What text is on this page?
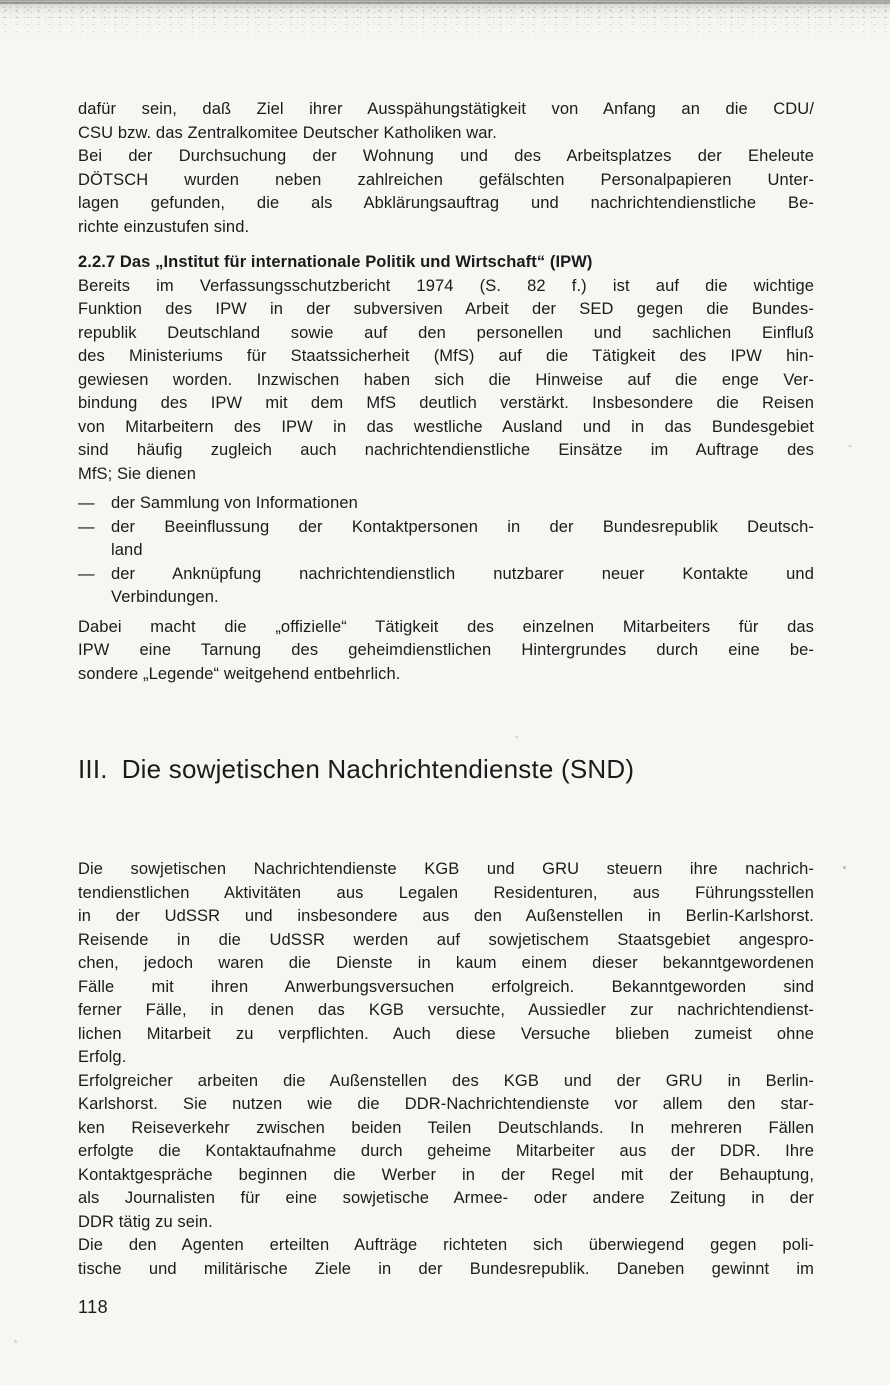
dafür sein, daß Ziel ihrer Ausspähungstätigkeit von Anfang an die CDU/
CSU bzw. das Zentralkomitee Deutscher Katholiken war.
Bei der Durchsuchung der Wohnung und des Arbeitsplatzes der Eheleute
DÖTSCH wurden neben zahlreichen gefälschten Personalpapieren Unter-
lagen gefunden, die als Abklärungsauftrag und nachrichtendienstliche Be-
richte einzustufen sind.
2.2.7 Das „Institut für internationale Politik und Wirtschaft“ (IPW)
Bereits im Verfassungsschutzbericht 1974 (S. 82 f.) ist auf die wichtige
Funktion des IPW in der subversiven Arbeit der SED gegen die Bundes-
republik Deutschland sowie auf den personellen und sachlichen Einfluß
des Ministeriums für Staatssicherheit (MfS) auf die Tätigkeit des IPW hin-
gewiesen worden. Inzwischen haben sich die Hinweise auf die enge Ver-
bindung des IPW mit dem MfS deutlich verstärkt. Insbesondere die Reisen
von Mitarbeitern des IPW in das westliche Ausland und in das Bundesgebiet
sind häufig zugleich auch nachrichtendienstliche Einsätze im Auftrage des
MfS; Sie dienen
— der Sammlung von Informationen
— der Beeinflussung der Kontaktpersonen in der Bundesrepublik Deutsch-
land
— der Anknüpfung nachrichtendienstlich nutzbarer neuer Kontakte und
Verbindungen.
Dabei macht die „offizielle“ Tätigkeit des einzelnen Mitarbeiters für das
IPW eine Tarnung des geheimdienstlichen Hintergrundes durch eine be-
sondere „Legende“ weitgehend entbehrlich.
III. Die sowjetischen Nachrichtendienste (SND)
Die sowjetischen Nachrichtendienste KGB und GRU steuern ihre nachrich-
tendienstlichen Aktivitäten aus Legalen Residenturen, aus Führungsstellen
in der UdSSR und insbesondere aus den Außenstellen in Berlin-Karlshorst.
Reisende in die UdSSR werden auf sowjetischem Staatsgebiet angespro-
chen, jedoch waren die Dienste in kaum einem dieser bekanntgewordenen
Fälle mit ihren Anwerbungsversuchen erfolgreich. Bekanntgeworden sind
ferner Fälle, in denen das KGB versuchte, Aussiedler zur nachrichtendienst-
lichen Mitarbeit zu verpflichten. Auch diese Versuche blieben zumeist ohne
Erfolg.
Erfolgreicher arbeiten die Außenstellen des KGB und der GRU in Berlin-
Karlshorst. Sie nutzen wie die DDR-Nachrichtendienste vor allem den star-
ken Reiseverkehr zwischen beiden Teilen Deutschlands. In mehreren Fällen
erfolgte die Kontaktaufnahme durch geheime Mitarbeiter aus der DDR. Ihre
Kontaktgespräche beginnen die Werber in der Regel mit der Behauptung,
als Journalisten für eine sowjetische Armee- oder andere Zeitung in der
DDR tätig zu sein.
Die den Agenten erteilten Aufträge richteten sich überwiegend gegen poli-
tische und militärische Ziele in der Bundesrepublik. Daneben gewinnt im
118
